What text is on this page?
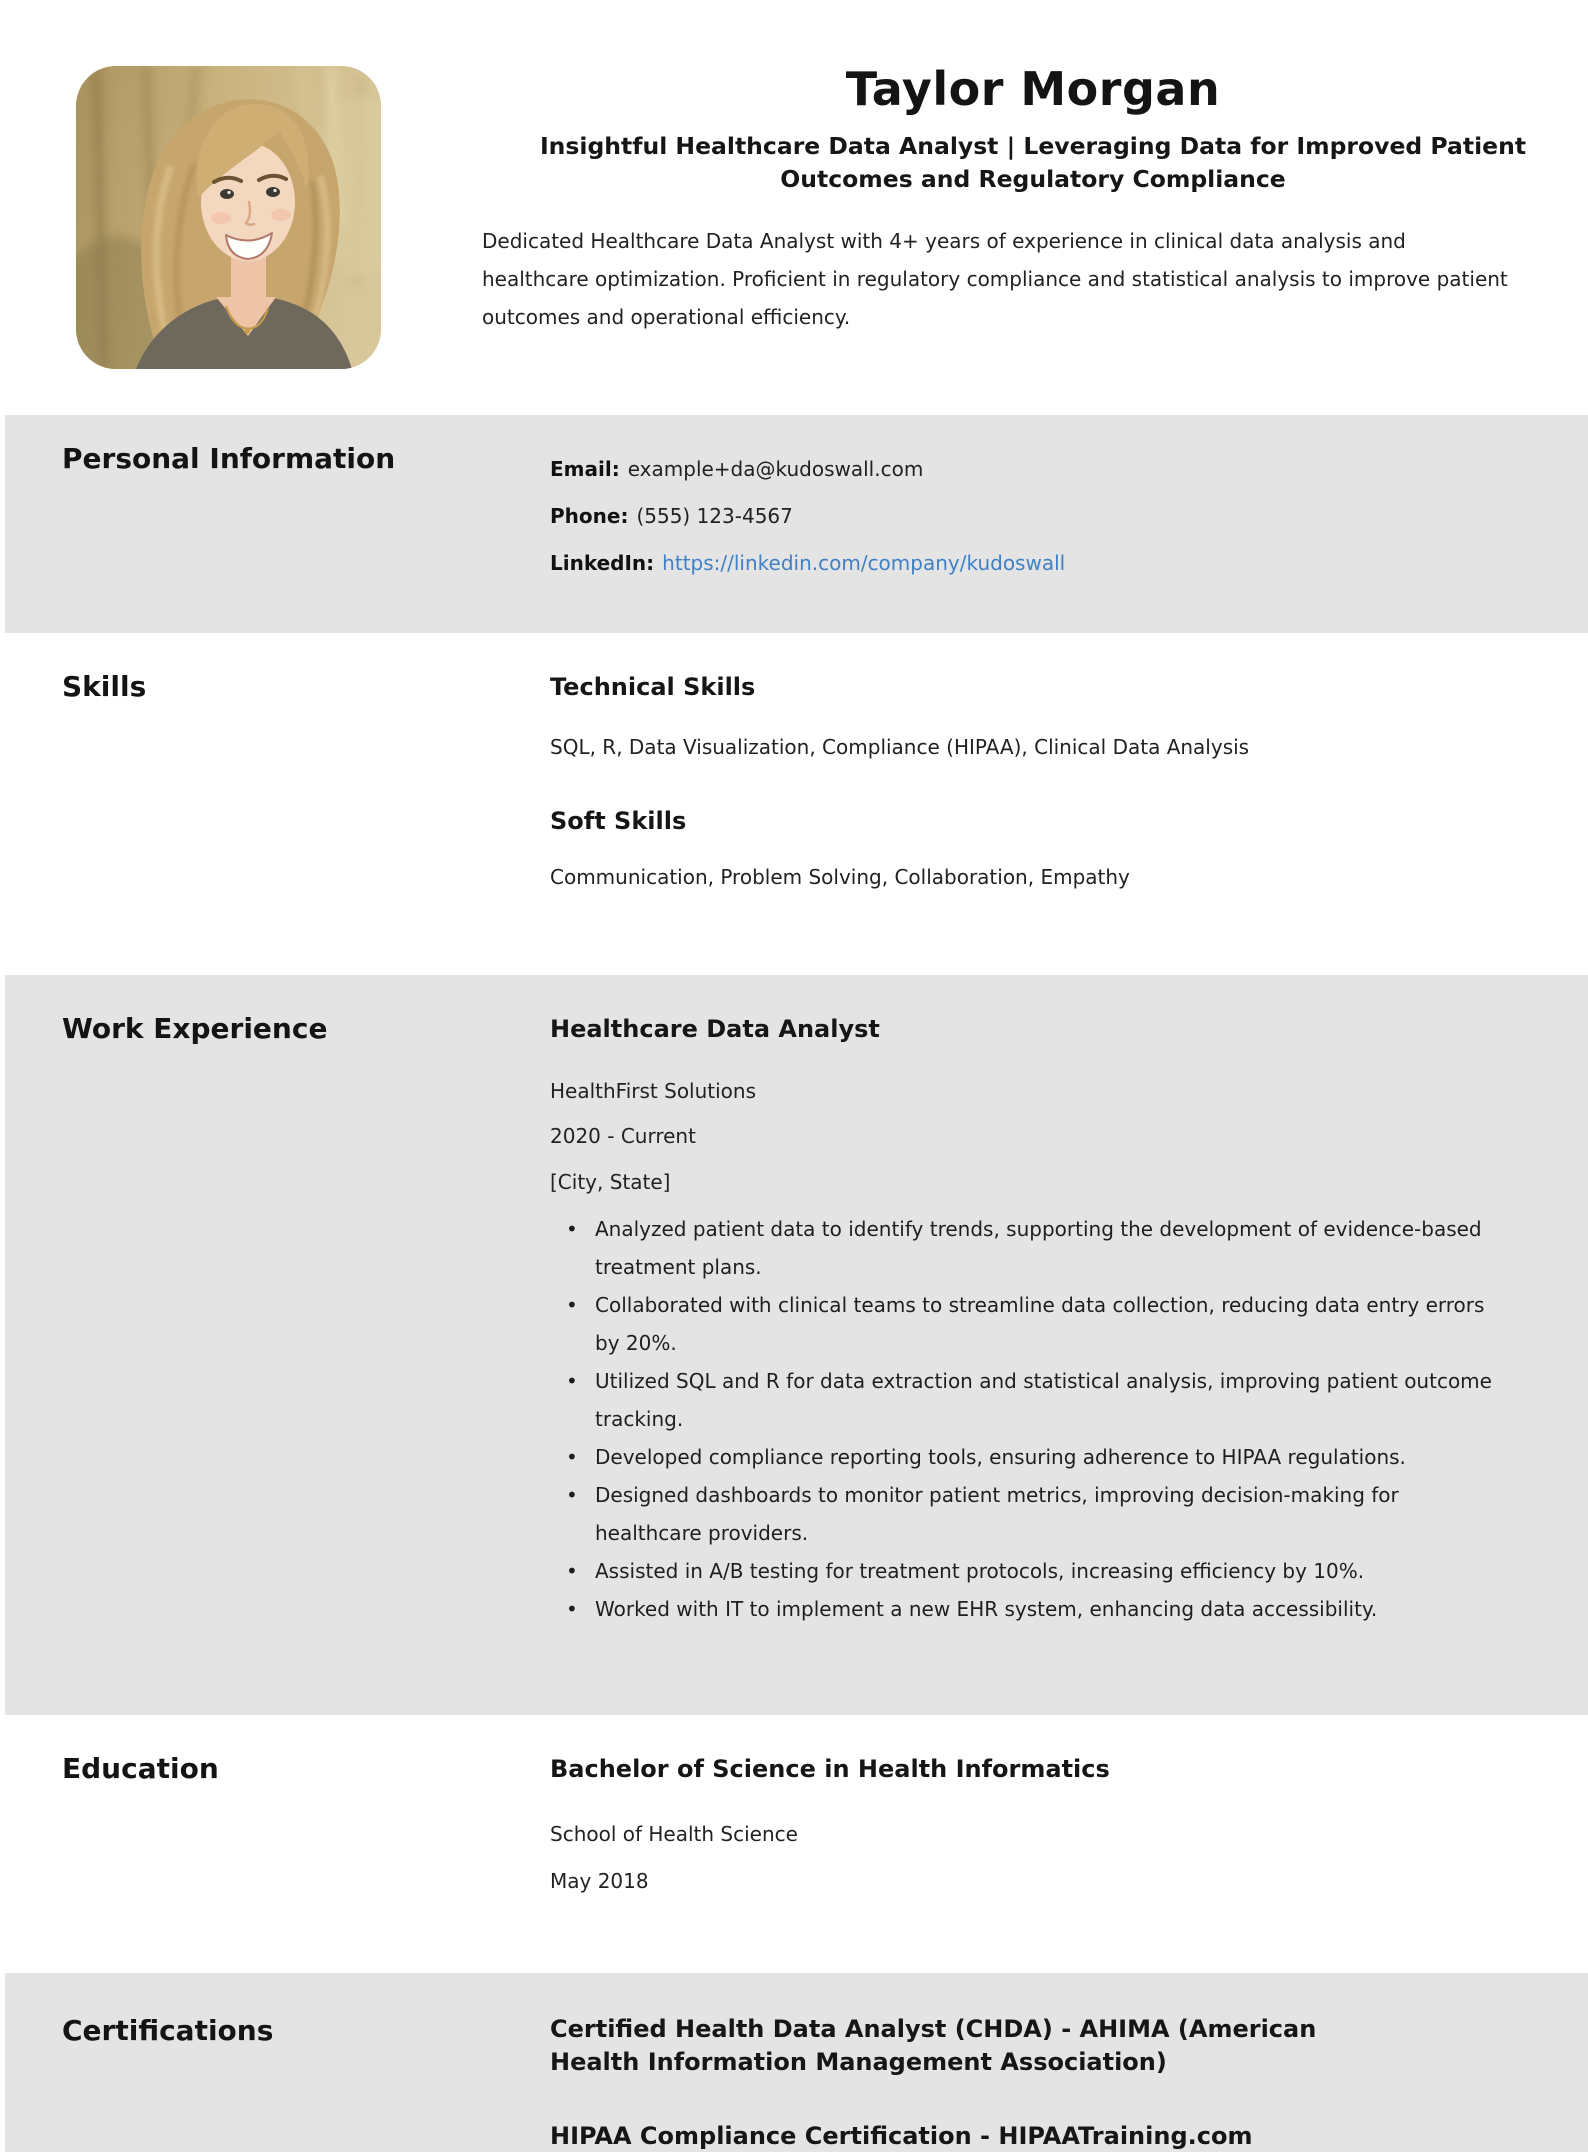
Taylor Morgan
Insightful Healthcare Data Analyst | Leveraging Data for Improved Patient Outcomes and Regulatory Compliance

Dedicated Healthcare Data Analyst with 4+ years of experience in clinical data analysis and healthcare optimization. Proficient in regulatory compliance and statistical analysis to improve patient outcomes and operational efficiency.

Personal Information	Email: example+da@kudoswall.com
Phone: (555) 123-4567
LinkedIn: https://linkedin.com/company/kudoswall
Skills	Technical Skills

SQL, R, Data Visualization, Compliance (HIPAA), Clinical Data Analysis

Soft Skills

Communication, Problem Solving, Collaboration, Empathy

Work Experience	Healthcare Data Analyst

HealthFirst Solutions

2020 - Current

[City, State]

• Analyzed patient data to identify trends, supporting the development of evidence-based treatment plans.
• Collaborated with clinical teams to streamline data collection, reducing data entry errors by 20%.
• Utilized SQL and R for data extraction and statistical analysis, improving patient outcome tracking.
• Developed compliance reporting tools, ensuring adherence to HIPAA regulations.
• Designed dashboards to monitor patient metrics, improving decision-making for healthcare providers.
• Assisted in A/B testing for treatment protocols, increasing efficiency by 10%.
• Worked with IT to implement a new EHR system, enhancing data accessibility.
Education	Bachelor of Science in Health Informatics

School of Health Science

May 2018

Certifications	Certified Health Data Analyst (CHDA) - AHIMA (American Health Information Management Association)
HIPAA Compliance Certification - HIPAATraining.com
